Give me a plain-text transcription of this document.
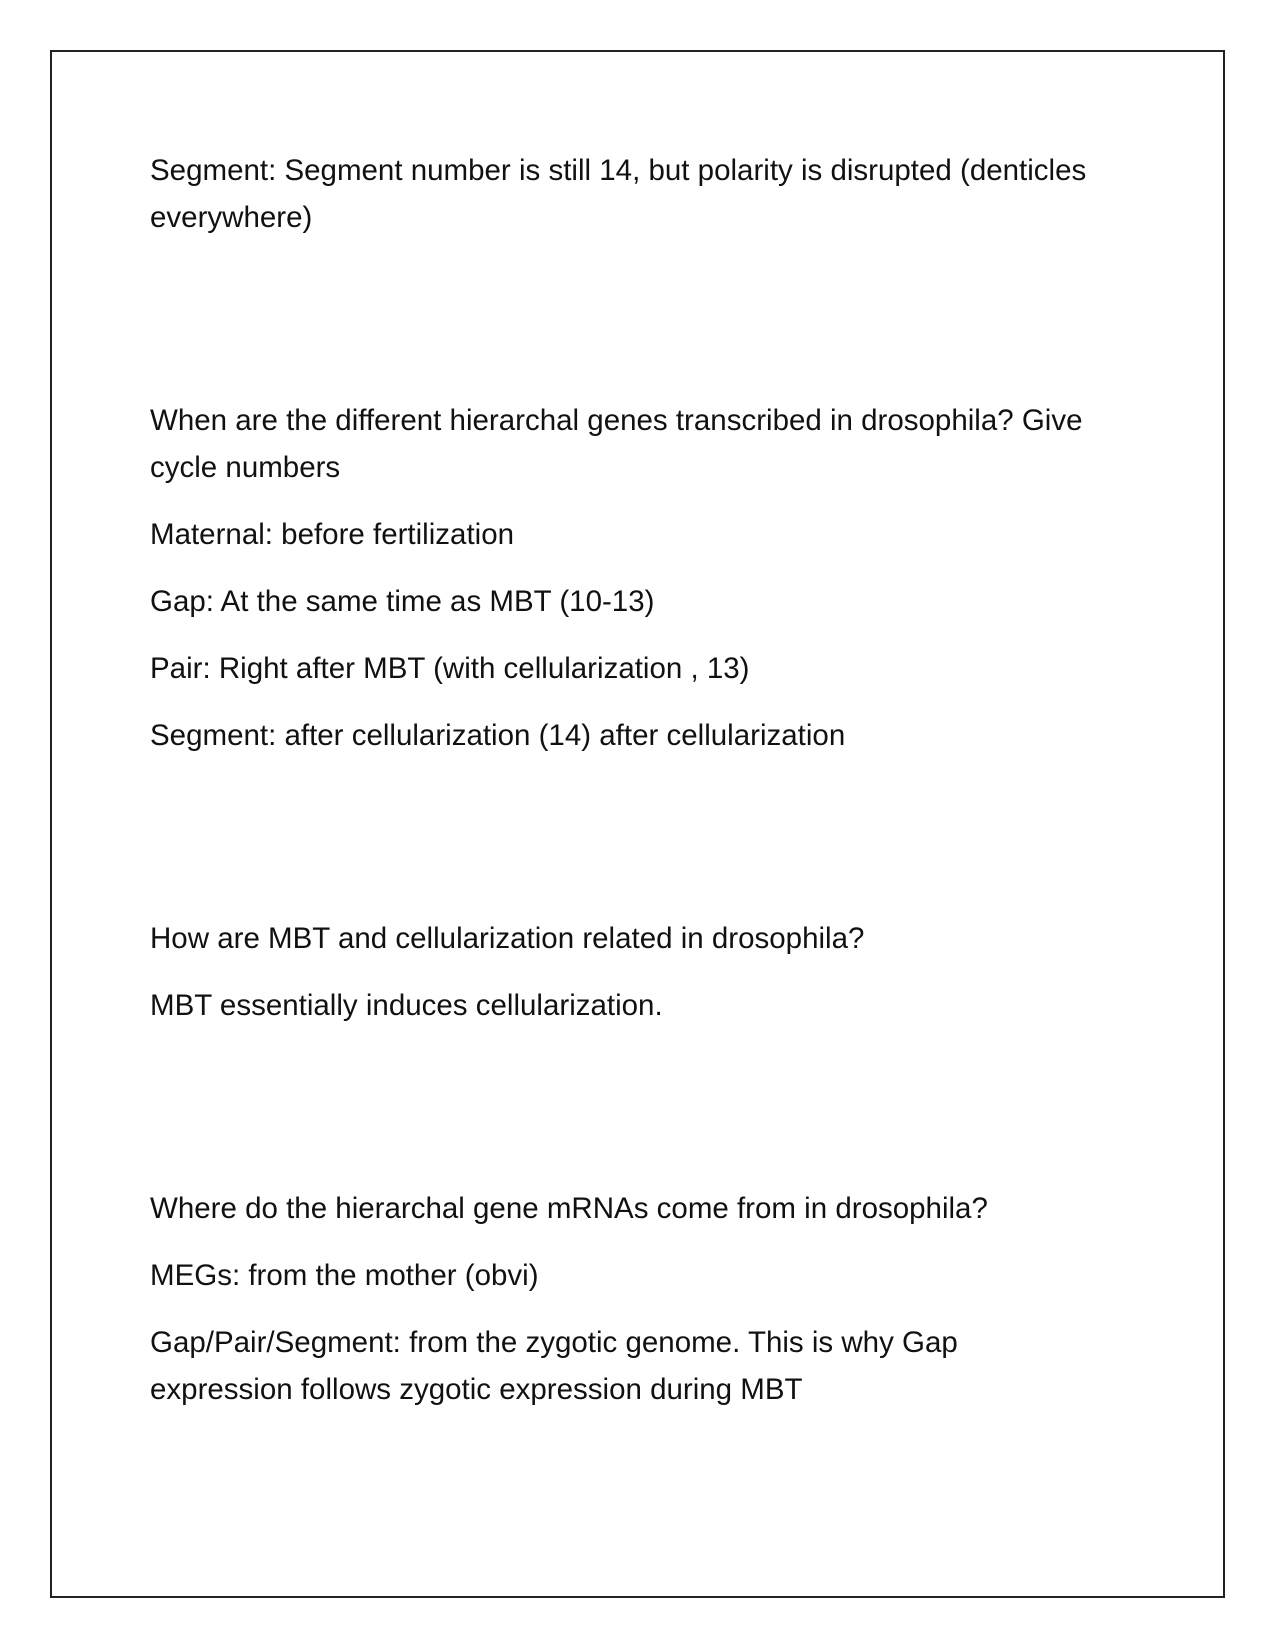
Segment: Segment number is still 14, but polarity is disrupted (denticles
everywhere)
When are the different hierarchal genes transcribed in drosophila? Give
cycle numbers
Maternal: before fertilization
Gap: At the same time as MBT (10-13)
Pair: Right after MBT (with cellularization , 13)
Segment: after cellularization (14) after cellularization
How are MBT and cellularization related in drosophila?
MBT essentially induces cellularization.
Where do the hierarchal gene mRNAs come from in drosophila?
MEGs: from the mother (obvi)
Gap/Pair/Segment: from the zygotic genome. This is why Gap
expression follows zygotic expression during MBT
